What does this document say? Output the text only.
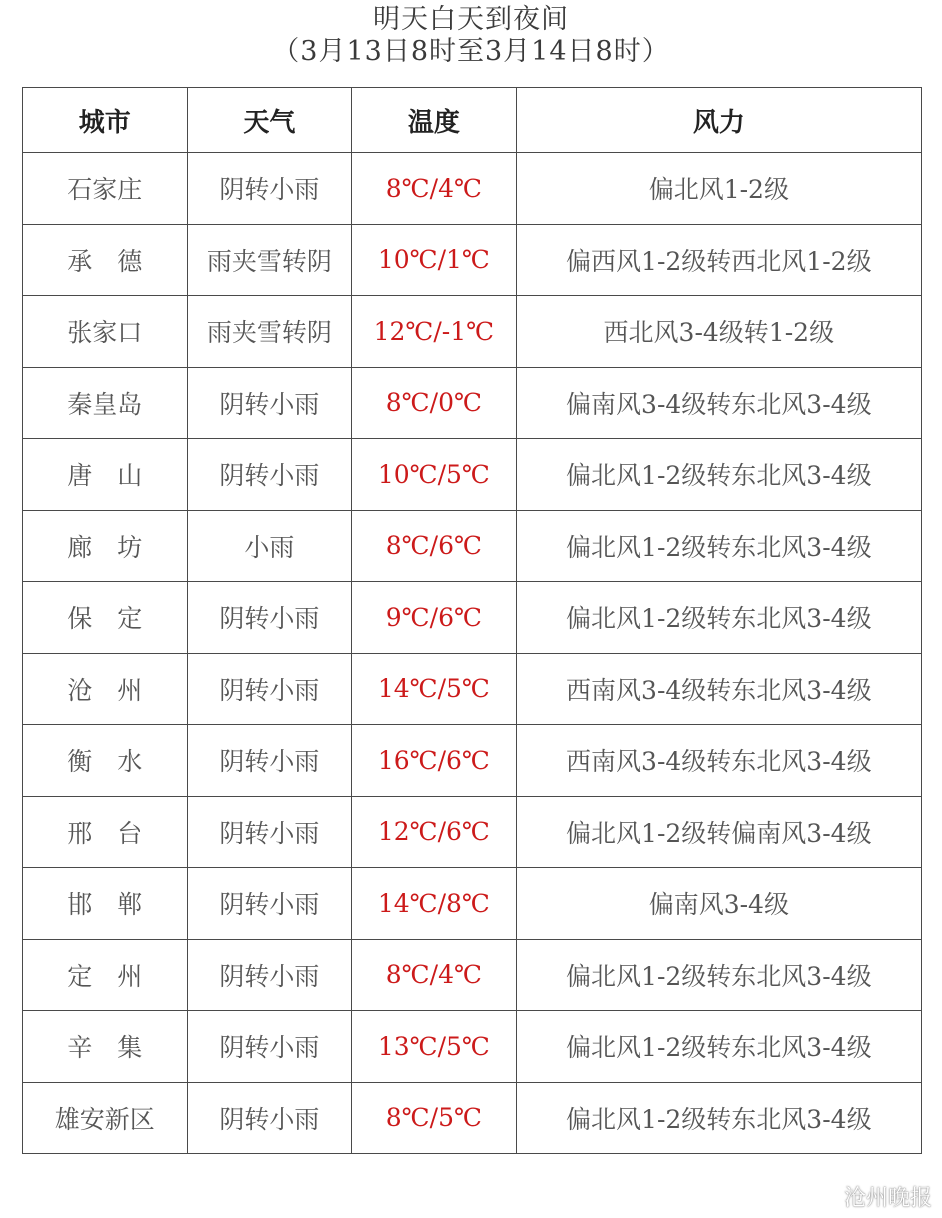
明天白天到夜间
（3月13日8时至3月14日8时）
城市	天气	温度	风力
石家庄	阴转小雨	8℃/4℃	偏北风1-2级
承　德	雨夹雪转阴	10℃/1℃	偏西风1-2级转西北风1-2级
张家口	雨夹雪转阴	12℃/-1℃	西北风3-4级转1-2级
秦皇岛	阴转小雨	8℃/0℃	偏南风3-4级转东北风3-4级
唐　山	阴转小雨	10℃/5℃	偏北风1-2级转东北风3-4级
廊　坊	小雨	8℃/6℃	偏北风1-2级转东北风3-4级
保　定	阴转小雨	9℃/6℃	偏北风1-2级转东北风3-4级
沧　州	阴转小雨	14℃/5℃	西南风3-4级转东北风3-4级
衡　水	阴转小雨	16℃/6℃	西南风3-4级转东北风3-4级
邢　台	阴转小雨	12℃/6℃	偏北风1-2级转偏南风3-4级
邯　郸	阴转小雨	14℃/8℃	偏南风3-4级
定　州	阴转小雨	8℃/4℃	偏北风1-2级转东北风3-4级
辛　集	阴转小雨	13℃/5℃	偏北风1-2级转东北风3-4级
雄安新区	阴转小雨	8℃/5℃	偏北风1-2级转东北风3-4级
沧州晚报
